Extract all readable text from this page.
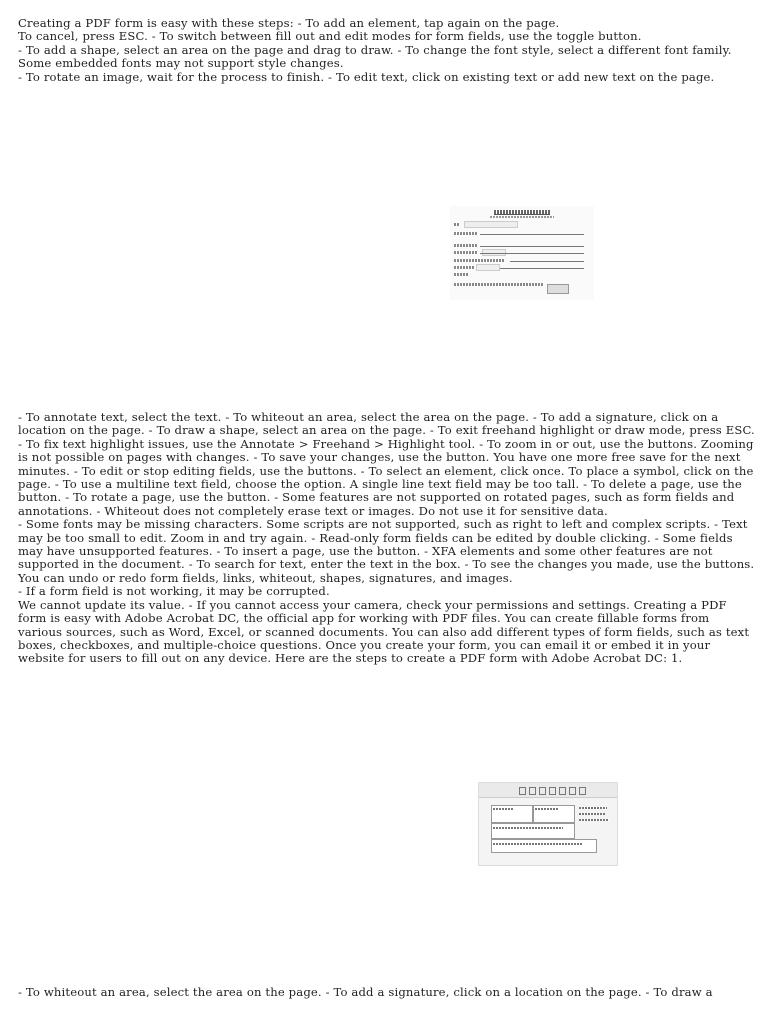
Creating a PDF form is easy with these steps: - To add an element, tap again on the page.
To cancel, press ESC. - To switch between fill out and edit modes for form fields, use the toggle button.
- To add a shape, select an area on the page and drag to draw. - To change the font style, select a different font family. Some embedded fonts may not support style changes.
- To rotate an image, wait for the process to finish. - To edit text, click on existing text or add new text on the page.

- To annotate text, select the text. - To whiteout an area, select the area on the page. - To add a signature, click on a location on the page. - To draw a shape, select an area on the page. - To exit freehand highlight or draw mode, press ESC. - To fix text highlight issues, use the Annotate > Freehand > Highlight tool. - To zoom in or out, use the buttons. Zooming is not possible on pages with changes. - To save your changes, use the button. You have one more free save for the next minutes. - To edit or stop editing fields, use the buttons. - To select an element, click once. To place a symbol, click on the page. - To use a multiline text field, choose the option. A single line text field may be too tall. - To delete a page, use the button. - To rotate a page, use the button. - Some features are not supported on rotated pages, such as form fields and annotations. - Whiteout does not completely erase text or images. Do not use it for sensitive data.
- Some fonts may be missing characters. Some scripts are not supported, such as right to left and complex scripts. - Text may be too small to edit. Zoom in and try again. - Read-only form fields can be edited by double clicking. - Some fields may have unsupported features. - To insert a page, use the button. - XFA elements and some other features are not supported in the document. - To search for text, enter the text in the box. - To see the changes you made, use the buttons. You can undo or redo form fields, links, whiteout, shapes, signatures, and images.
- If a form field is not working, it may be corrupted.
We cannot update its value. - If you cannot access your camera, check your permissions and settings. Creating a PDF form is easy with Adobe Acrobat DC, the official app for working with PDF files. You can create fillable forms from various sources, such as Word, Excel, or scanned documents. You can also add different types of form fields, such as text boxes, checkboxes, and multiple-choice questions. Once you create your form, you can email it or embed it in your website for users to fill out on any device. Here are the steps to create a PDF form with Adobe Acrobat DC: 1.

- To whiteout an area, select the area on the page. - To add a signature, click on a location on the page. - To draw a
